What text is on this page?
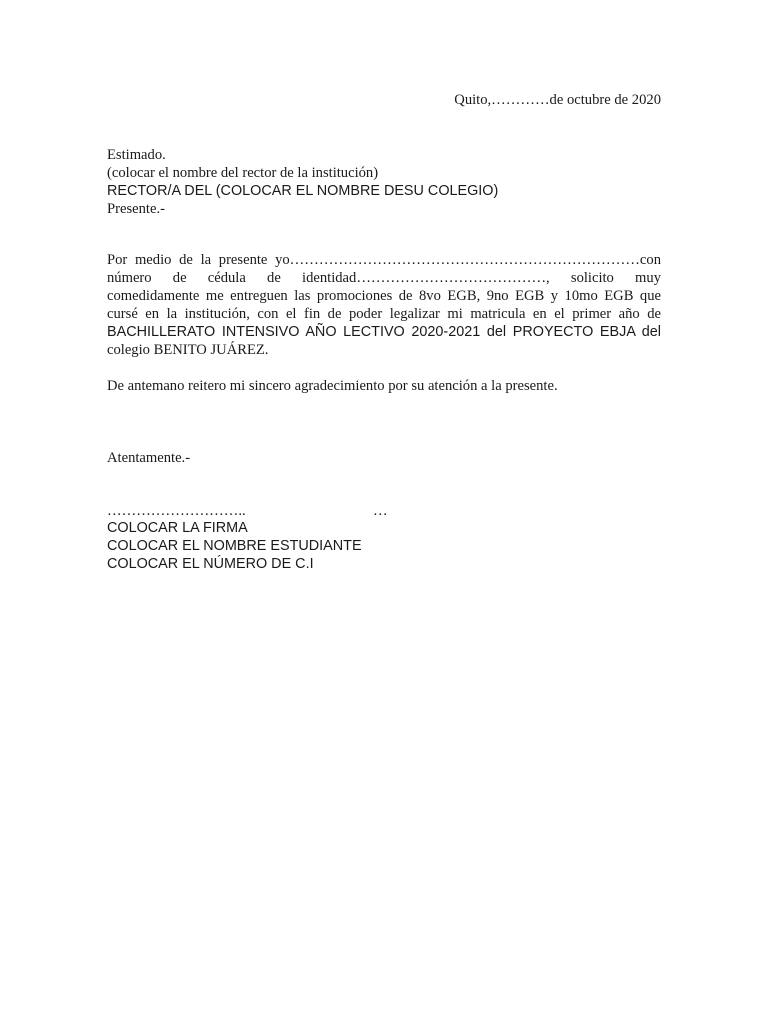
Quito,…………de octubre de 2020
Estimado.
(colocar el nombre del rector de la institución)
RECTOR/A DEL (COLOCAR EL NOMBRE DESU COLEGIO)
Presente.-
Por medio de la presente yo………………………………………………………………con
número de cédula de identidad…………………………………, solicito muy
comedidamente me entreguen las promociones de 8vo EGB, 9no EGB y 10mo EGB que
cursé en la institución, con el fin de poder legalizar mi matricula en el primer año de
BACHILLERATO INTENSIVO AÑO LECTIVO 2020-2021 del PROYECTO EBJA del
colegio BENITO JUÁREZ.
De antemano reitero mi sincero agradecimiento por su atención a la presente.
Atentamente.-
………………………..	…
COLOCAR LA FIRMA
COLOCAR EL NOMBRE ESTUDIANTE
COLOCAR EL NÚMERO DE C.I
